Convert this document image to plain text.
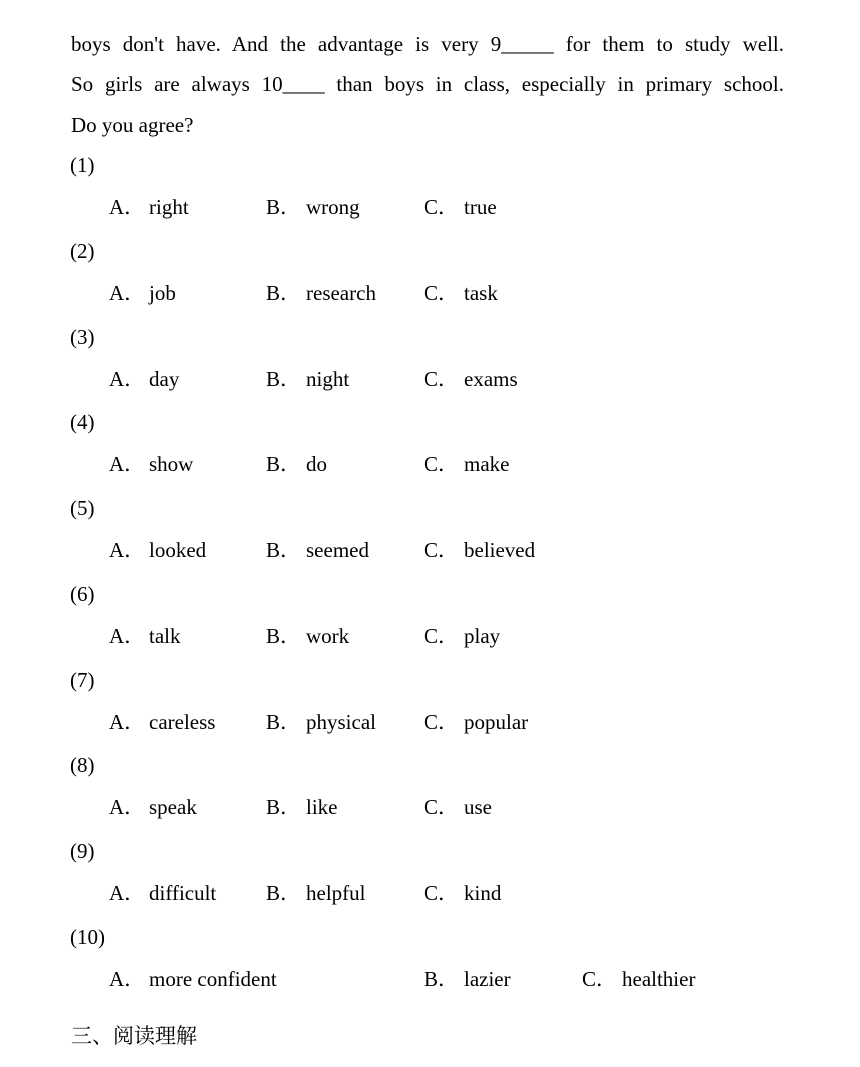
boys don't have. And the advantage is very 9_____ for them to study well.
So girls are always 10____ than boys in class, especially in primary school.
Do you agree?
(1)
A． right	B． wrong	C． true
(2)
A． job	B． research C． task
(3)
A． day	B． night	C． exams
(4)
A． show	B． do	C． make
(5)
A． looked	B． seemed	C． believed
(6)
A． talk	B． work	C． play
(7)
A． careless B． physical C． popular
(8)
A． speak	B． like	C． use
(9)
A． difficult B． helpful	C． kind
(10)
A． more confident	B． lazier	C． healthier
三、阅读理解
